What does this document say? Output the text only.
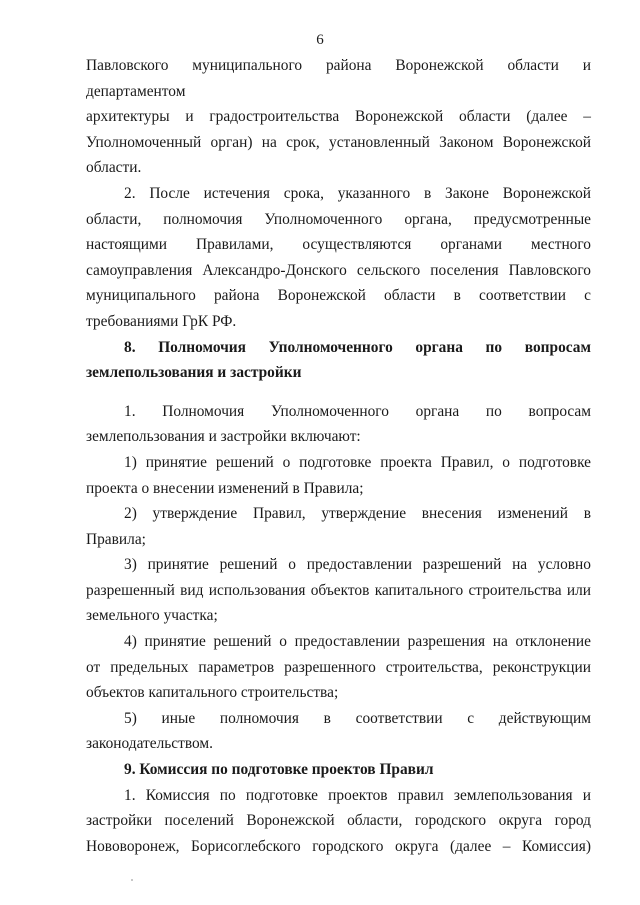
6

Павловского муниципального района Воронежской области и департаментом

архитектуры и градостроительства Воронежской области (далее –

Уполномоченный орган) на срок, установленный Законом Воронежской

области.

2. После истечения срока, указанного в Законе Воронежской

области, полномочия Уполномоченного органа, предусмотренные

настоящими Правилами, осуществляются органами местного

самоуправления Александро-Донского сельского поселения Павловского

муниципального района Воронежской области в соответствии с

требованиями ГрК РФ.

8. Полномочия Уполномоченного органа по вопросам

землепользования и застройки

1. Полномочия Уполномоченного органа по вопросам

землепользования и застройки включают:

1) принятие решений о подготовке проекта Правил, о подготовке

проекта о внесении изменений в Правила;

2) утверждение Правил, утверждение внесения изменений в

Правила;

3) принятие решений о предоставлении разрешений на условно

разрешенный вид использования объектов капитального строительства или

земельного участка;

4) принятие решений о предоставлении разрешения на отклонение

от предельных параметров разрешенного строительства, реконструкции

объектов капитального строительства;

5) иные полномочия в соответствии с действующим

законодательством.

9. Комиссия по подготовке проектов Правил

1. Комиссия по подготовке проектов правил землепользования и

застройки поселений Воронежской области, городского округа город

Нововоронеж, Борисоглебского городского округа (далее – Комиссия)
